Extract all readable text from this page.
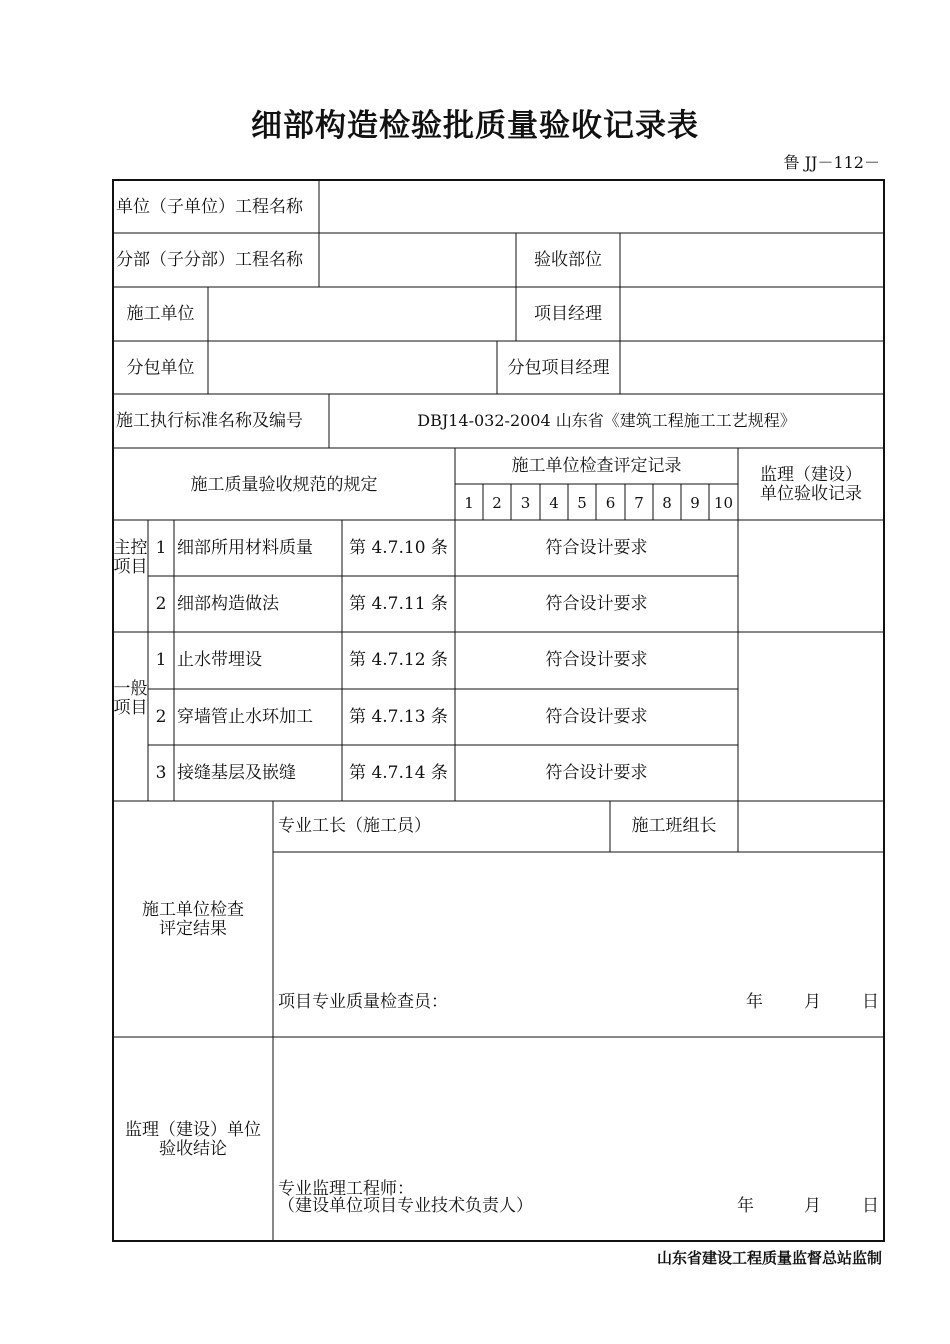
细部构造检验批质量验收记录表
鲁 JJ－112－
单位（子单位）工程名称
分部（子分部）工程名称	验收部位
施工单位	项目经理
分包单位	分包项目经理
施工执行标准名称及编号	DBJ14-032-2004 山东省《建筑工程施工工艺规程》
施工质量验收规范的规定
施工单位检查评定记录	监理（建设）
单位验收记录
1	2	3	4	5	6	7	8	9 10
主控项目
1 细部所用材料质量	第 4.7.10 条	符合设计要求
2 细部构造做法	第 4.7.11 条	符合设计要求
一般项目
1 止水带埋设	第 4.7.12 条	符合设计要求
2 穿墙管止水环加工	第 4.7.13 条	符合设计要求
3 接缝基层及嵌缝	第 4.7.14 条	符合设计要求
专业工长（施工员）	施工班组长
施工单位检查
评定结果
项目专业质量检查员：	年 月 日
监理（建设）单位
验收结论
专业监理工程师：
（建设单位项目专业技术负责人）	年	月 日
山东省建设工程质量监督总站监制
